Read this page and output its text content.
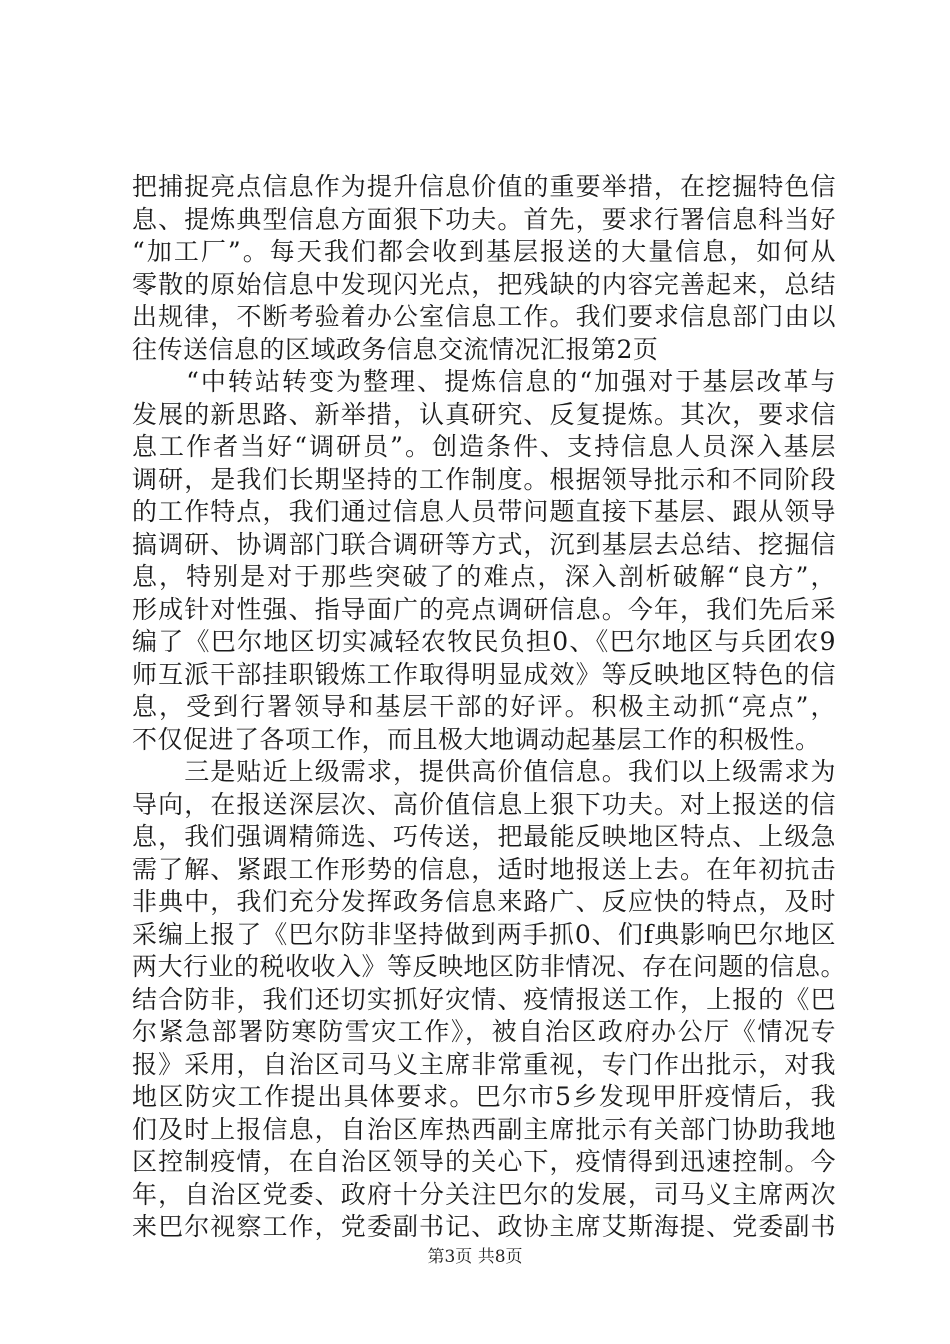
把捕捉亮点信息作为提升信息价值的重要举措，在挖掘特色信
息、提炼典型信息方面狠下功夫。首先，要求行署信息科当好
“加工厂”。每天我们都会收到基层报送的大量信息，如何从
零散的原始信息中发现闪光点，把残缺的内容完善起来，总结
出规律，不断考验着办公室信息工作。我们要求信息部门由以
往传送信息的区域政务信息交流情况汇报第2页
　　“中转站转变为整理、提炼信息的“加强对于基层改革与
发展的新思路、新举措，认真研究、反复提炼。其次，要求信
息工作者当好“调研员”。创造条件、支持信息人员深入基层
调研，是我们长期坚持的工作制度。根据领导批示和不同阶段
的工作特点，我们通过信息人员带问题直接下基层、跟从领导
搞调研、协调部门联合调研等方式，沉到基层去总结、挖掘信
息，特别是对于那些突破了的难点，深入剖析破解“良方”，
形成针对性强、指导面广的亮点调研信息。今年，我们先后采
编了《巴尔地区切实减轻农牧民负担0、《巴尔地区与兵团农9
师互派干部挂职锻炼工作取得明显成效》等反映地区特色的信
息，受到行署领导和基层干部的好评。积极主动抓“亮点”，
不仅促进了各项工作，而且极大地调动起基层工作的积极性。
　　三是贴近上级需求，提供高价值信息。我们以上级需求为
导向，在报送深层次、高价值信息上狠下功夫。对上报送的信
息，我们强调精筛选、巧传送，把最能反映地区特点、上级急
需了解、紧跟工作形势的信息，适时地报送上去。在年初抗击
非典中，我们充分发挥政务信息来路广、反应快的特点，及时
采编上报了《巴尔防非坚持做到两手抓0、们f典影响巴尔地区
两大行业的税收收入》等反映地区防非情况、存在问题的信息。
结合防非，我们还切实抓好灾情、疫情报送工作，上报的《巴
尔紧急部署防寒防雪灾工作》，被自治区政府办公厅《情况专
报》采用，自治区司马义主席非常重视，专门作出批示，对我
地区防灾工作提出具体要求。巴尔市5乡发现甲肝疫情后，我
们及时上报信息，自治区库热西副主席批示有关部门协助我地
区控制疫情，在自治区领导的关心下，疫情得到迅速控制。今
年，自治区党委、政府十分关注巴尔的发展，司马义主席两次
来巴尔视察工作，党委副书记、政协主席艾斯海提、党委副书
第3页 共8页
